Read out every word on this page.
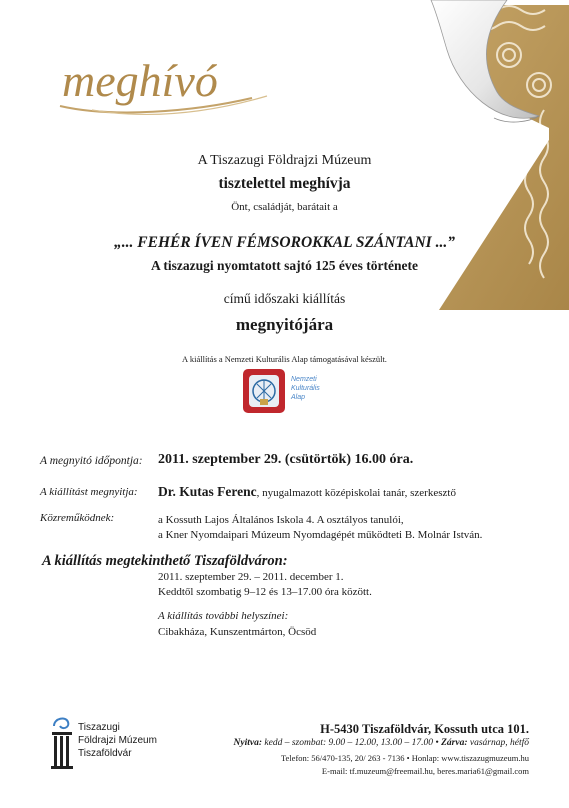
meghívó
A Tiszazugi Földrajzi Múzeum
tisztelettel meghívja
Önt, családját, barátait a
„... FEHÉR ÍVEN FÉMSOROKKAL SZÁNTANI ...”
A tiszazugi nyomtatott sajtó 125 éves története
című időszaki kiállítás
megnyitójára
A kiállítás a Nemzeti Kulturális Alap támogatásával készült.
Nemzeti
Kulturális
Alap
A megnyitó időpontja: 2011. szeptember 29. (csütörtök) 16.00 óra.
A kiállítást megnyitja: Dr. Kutas Ferenc, nyugalmazott középiskolai tanár, szerkesztő
Közreműködnek:	a Kossuth Lajos Általános Iskola 4. A osztályos tanulói,
a Kner Nyomdaipari Múzeum Nyomdagépét működteti B. Molnár István.
A kiállítás megtekinthető Tiszaföldváron:
2011. szeptember 29. – 2011. december 1.
Keddtől szombatig 9–12 és 13–17.00 óra között.
A kiállítás további helyszínei:
Cibakháza, Kunszentmárton, Öcsöd
Tiszazugi
Földrajzi Múzeum
Tiszaföldvár
H-5430 Tiszaföldvár, Kossuth utca 101.
Nyitva: kedd – szombat: 9.00 – 12.00, 13.00 – 17.00 • Zárva: vasárnap, hétfő
Telefon: 56/470-135, 20/ 263 - 7136 • Honlap: www.tiszazugmuzeum.hu
E-mail: tf.muzeum@freemail.hu, beres.maria61@gmail.com
